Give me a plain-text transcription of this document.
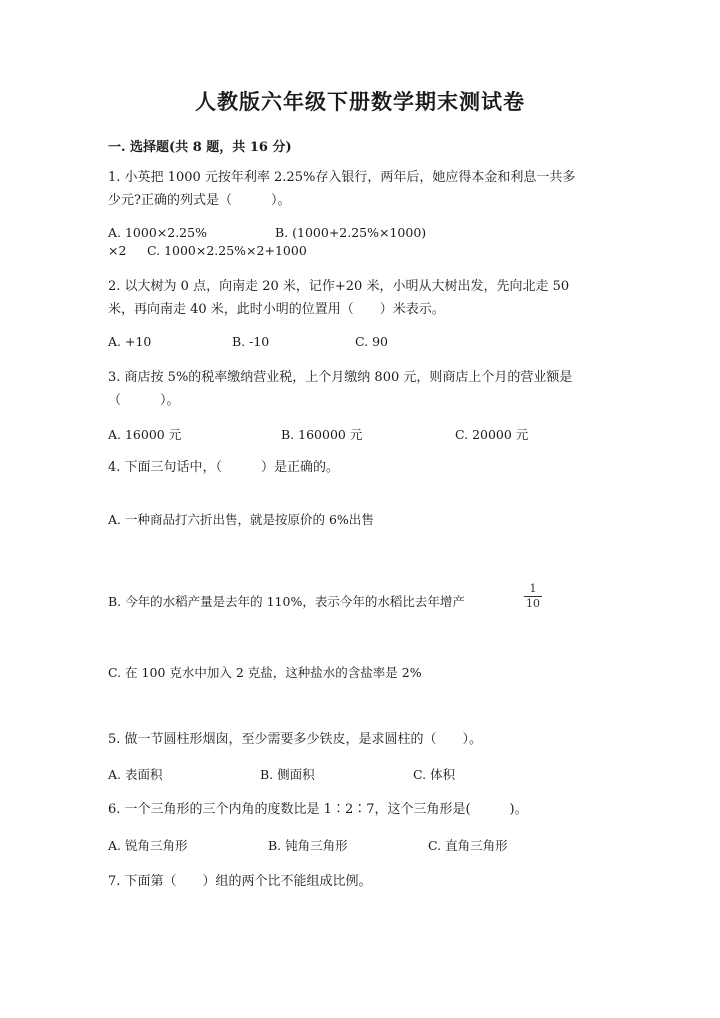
人教版六年级下册数学期末测试卷
一. 选择题(共 8 题，共 16 分)
1. 小英把 1000 元按年利率 2.25%存入银行，两年后，她应得本金和利息一共多
少元?正确的列式是（　　　）。
A. 1000×2.25%	B. (1000+2.25%×1000)
×2 C. 1000×2.25%×2+1000
2. 以大树为 0 点，向南走 20 米，记作+20 米，小明从大树出发，先向北走 50
米，再向南走 40 米，此时小明的位置用（　　）米表示。
A. +10	B. -10	C. 90
3. 商店按 5%的税率缴纳营业税，上个月缴纳 800 元，则商店上个月的营业额是
（　　　）。
A. 16000 元	B. 160000 元	C. 20000 元
4. 下面三句话中，（　　　）是正确的。
A. 一种商品打六折出售，就是按原价的 6%出售
B. 今年的水稻产量是去年的 110%，表示今年的水稻比去年增产
1
10
C. 在 100 克水中加入 2 克盐，这种盐水的含盐率是 2%
5. 做一节圆柱形烟囱，至少需要多少铁皮，是求圆柱的（　　）。
A. 表面积	B. 侧面积	C. 体积
6. 一个三角形的三个内角的度数比是 1∶2∶7，这个三角形是(　　　)。
A. 锐角三角形	B. 钝角三角形	C. 直角三角形
7. 下面第（　　）组的两个比不能组成比例。
